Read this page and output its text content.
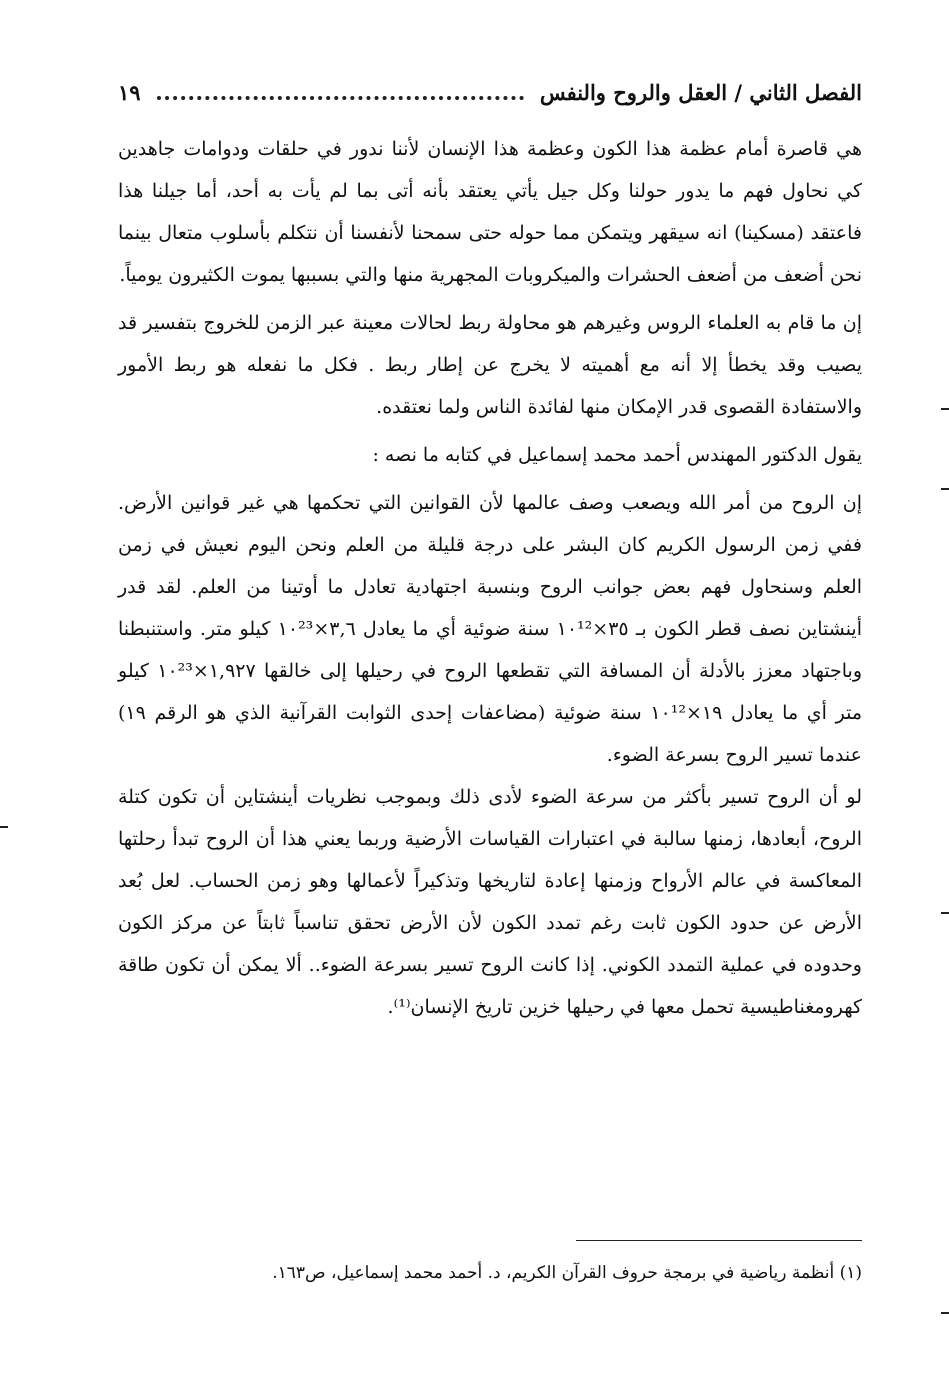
الفصل الثاني / العقل والروح والنفس
١٩

هي قاصرة أمام عظمة هذا الكون وعظمة هذا الإنسان لأننا ندور في حلقات ودوامات جاهدين كي نحاول فهم ما يدور حولنا وكل جيل يأتي يعتقد بأنه أتى بما لم يأت به أحد، أما جيلنا هذا فاعتقد (مسكينا) انه سيقهر ويتمكن مما حوله حتى سمحنا لأنفسنا أن نتكلم بأسلوب متعال بينما نحن أضعف من أضعف الحشرات والميكروبات المجهرية منها والتي بسببها يموت الكثيرون يومياً.

إن ما قام به العلماء الروس وغيرهم هو محاولة ربط لحالات معينة عبر الزمن للخروج بتفسير قد يصيب وقد يخطأ إلا أنه مع أهميته لا يخرج عن إطار ربط . فكل ما نفعله هو ربط الأمور والاستفادة القصوى قدر الإمكان منها لفائدة الناس ولما نعتقده.

يقول الدكتور المهندس أحمد محمد إسماعيل في كتابه ما نصه :

إن الروح من أمر الله ويصعب وصف عالمها لأن القوانين التي تحكمها هي غير قوانين الأرض. ففي زمن الرسول الكريم كان البشر على درجة قليلة من العلم ونحن اليوم نعيش في زمن العلم وسنحاول فهم بعض جوانب الروح وبنسبة اجتهادية تعادل ما أوتينا من العلم. لقد قدر أينشتاين نصف قطر الكون بـ ٣٥×١٠¹² سنة ضوئية أي ما يعادل ٣,٦×١٠²³ كيلو متر. واستنبطنا وباجتهاد معزز بالأدلة أن المسافة التي تقطعها الروح في رحيلها إلى خالقها ١,٩٢٧×١٠²³ كيلو متر أي ما يعادل ١٩×١٠¹² سنة ضوئية (مضاعفات إحدى الثوابت القرآنية الذي هو الرقم ١٩) عندما تسير الروح بسرعة الضوء.

لو أن الروح تسير بأكثر من سرعة الضوء لأدى ذلك وبموجب نظريات أينشتاين أن تكون كتلة الروح، أبعادها، زمنها سالبة في اعتبارات القياسات الأرضية وربما يعني هذا أن الروح تبدأ رحلتها المعاكسة في عالم الأرواح وزمنها إعادة لتاريخها وتذكيراً لأعمالها وهو زمن الحساب. لعل بُعد الأرض عن حدود الكون ثابت رغم تمدد الكون لأن الأرض تحقق تناسباً ثابتاً عن مركز الكون وحدوده في عملية التمدد الكوني. إذا كانت الروح تسير بسرعة الضوء.. ألا يمكن أن تكون طاقة كهرومغناطيسية تحمل معها في رحيلها خزين تاريخ الإنسان⁽¹⁾.

(١) أنظمة رياضية في برمجة حروف القرآن الكريم، د. أحمد محمد إسماعيل، ص١٦٣.
